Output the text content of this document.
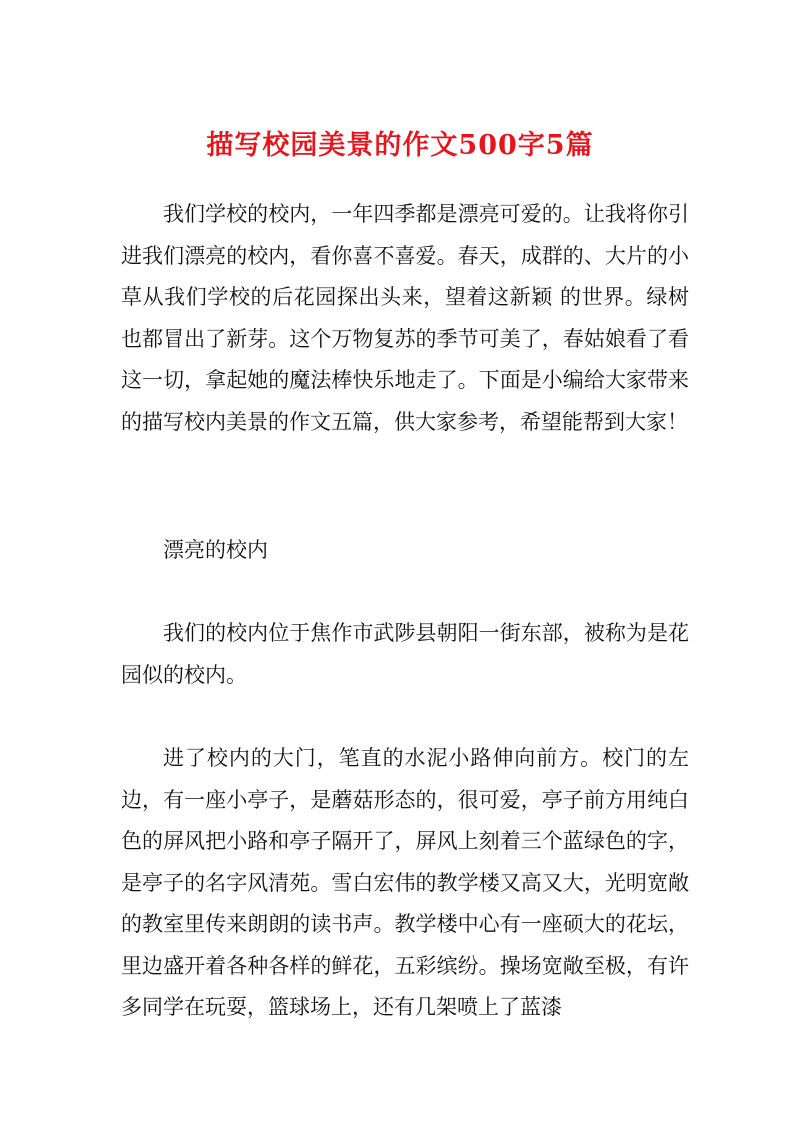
描写校园美景的作文500字5篇

我们学校的校内，一年四季都是漂亮可爱的。让我将你引进我们漂亮的校内，看你喜不喜爱。春天，成群的、大片的小草从我们学校的后花园探出头来，望着这新颖 的世界。绿树也都冒出了新芽。这个万物复苏的季节可美了，春姑娘看了看这一切，拿起她的魔法棒快乐地走了。下面是小编给大家带来的描写校内美景的作文五篇，供大家参考，希望能帮到大家！

漂亮的校内

我们的校内位于焦作市武陟县朝阳一街东部，被称为是花园似的校内。

进了校内的大门，笔直的水泥小路伸向前方。校门的左边，有一座小亭子，是蘑菇形态的，很可爱，亭子前方用纯白色的屏风把小路和亭子隔开了，屏风上刻着三个蓝绿色的字，是亭子的名字风清苑。雪白宏伟的教学楼又高又大，光明宽敞的教室里传来朗朗的读书声。教学楼中心有一座硕大的花坛，里边盛开着各种各样的鲜花，五彩缤纷。操场宽敞至极，有许多同学在玩耍，篮球场上，还有几架喷上了蓝漆
